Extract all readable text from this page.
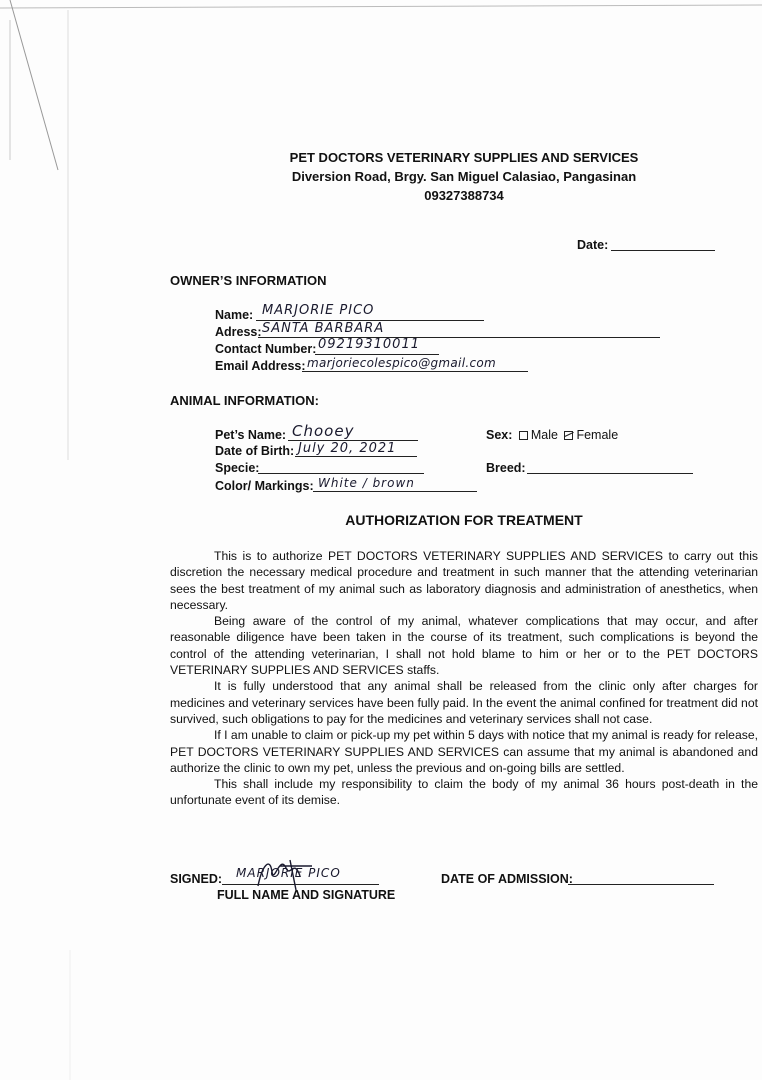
PET DOCTORS VETERINARY SUPPLIES AND SERVICES
Diversion Road, Brgy. San Miguel Calasiao, Pangasinan
09327388734
Date:
OWNER’S INFORMATION
Name: MARJORIE PICO
Adress: SANTA BARBARA
Contact Number: 09219310011
Email Address: marjoriecolespico@gmail.com
ANIMAL INFORMATION:
Pet’s Name: Chooey
Date of Birth: July 20, 2021
Specie:
Color/ Markings: White / brown
Sex: Male Female
Breed:
AUTHORIZATION FOR TREATMENT

This is to authorize PET DOCTORS VETERINARY SUPPLIES AND SERVICES to carry out this discretion the necessary medical procedure and treatment in such manner that the attending veterinarian sees the best treatment of my animal such as laboratory diagnosis and administration of anesthetics, when necessary.

Being aware of the control of my animal, whatever complications that may occur, and after reasonable diligence have been taken in the course of its treatment, such complications is beyond the control of the attending veterinarian, I shall not hold blame to him or her or to the PET DOCTORS VETERINARY SUPPLIES AND SERVICES staffs.

It is fully understood that any animal shall be released from the clinic only after charges for medicines and veterinary services have been fully paid. In the event the animal confined for treatment did not survived, such obligations to pay for the medicines and veterinary services shall not case.

If I am unable to claim or pick-up my pet within 5 days with notice that my animal is ready for release, PET DOCTORS VETERINARY SUPPLIES AND SERVICES can assume that my animal is abandoned and authorize the clinic to own my pet, unless the previous and on-going bills are settled.

This shall include my responsibility to claim the body of my animal 36 hours post-death in the unfortunate event of its demise.

SIGNED: MARJORIE PICO
FULL NAME AND SIGNATURE
DATE OF ADMISSION:
